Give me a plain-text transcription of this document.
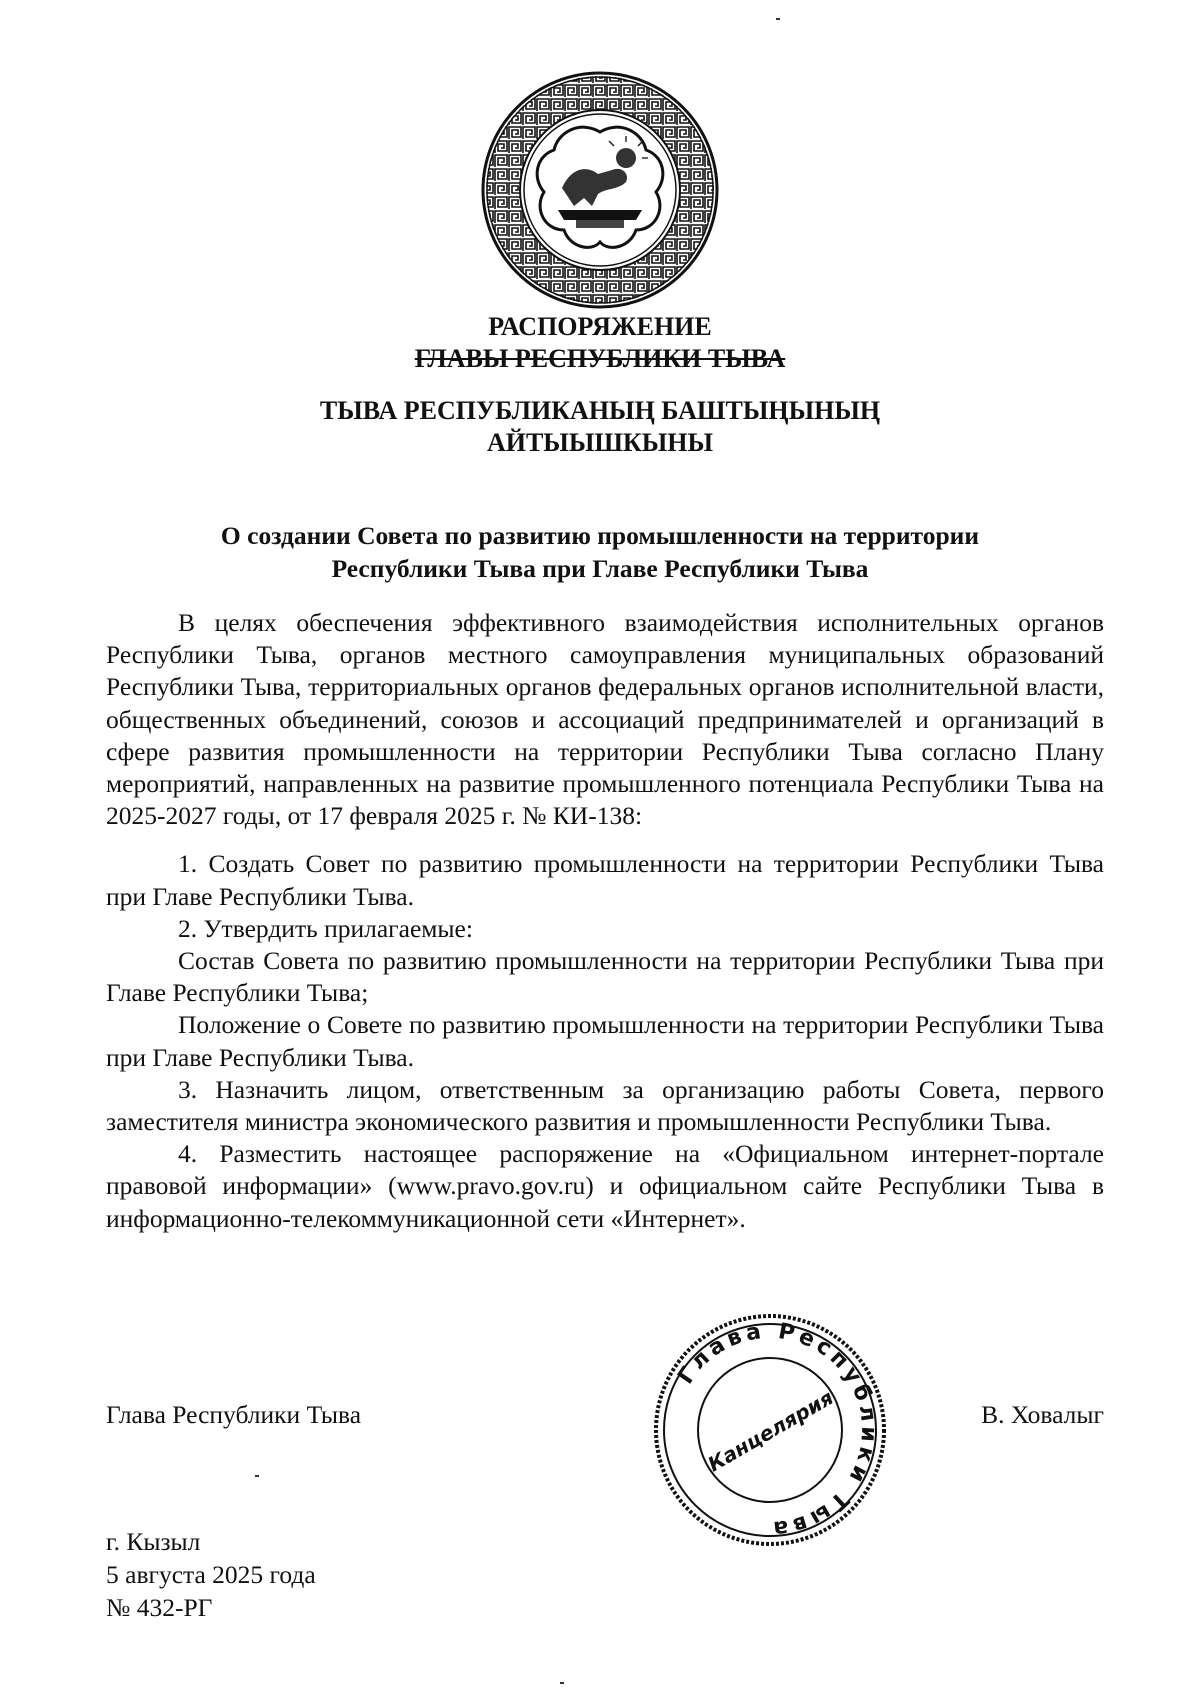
РАСПОРЯЖЕНИЕ
ГЛАВЫ РЕСПУБЛИКИ ТЫВА
ТЫВА РЕСПУБЛИКАНЫҢ БАШТЫҢЫНЫҢ
АЙТЫЫШКЫНЫ
О создании Совета по развитию промышленности на территории
Республики Тыва при Главе Республики Тыва

В целях обеспечения эффективного взаимодействия исполнительных органов Республики Тыва, органов местного самоуправления муниципальных образований Республики Тыва, территориальных органов федеральных органов исполнительной власти, общественных объединений, союзов и ассоциаций предпринимателей и организаций в сфере развития промышленности на территории Республики Тыва согласно Плану мероприятий, направленных на развитие промышленного потенциала Республики Тыва на 2025-2027 годы, от 17 февраля 2025 г. № КИ-138:

1. Создать Совет по развитию промышленности на территории Республики Тыва при Главе Республики Тыва.

2. Утвердить прилагаемые:

Состав Совета по развитию промышленности на территории Республики Тыва при Главе Республики Тыва;

Положение о Совете по развитию промышленности на территории Республики Тыва при Главе Республики Тыва.

3. Назначить лицом, ответственным за организацию работы Совета, первого заместителя министра экономического развития и промышленности Республики Тыва.

4. Разместить настоящее распоряжение на «Официальном интернет-портале правовой информации» (www.pravo.gov.ru) и официальном сайте Республики Тыва в информационно-телекоммуникационной сети «Интернет».

Глава Республики Тыва	В. Ховалыг
Глава Республики Тыва
Канцелярия
г. Кызыл
5 августа 2025 года
№ 432-РГ
